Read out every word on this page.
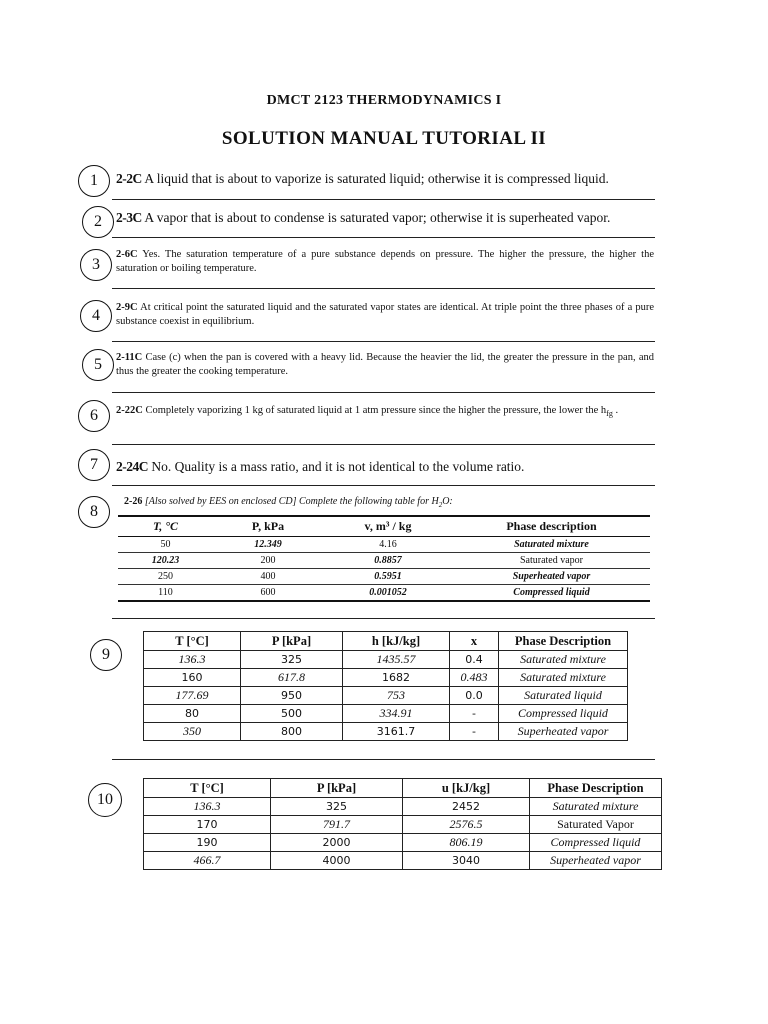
DMCT 2123 THERMODYNAMICS I
SOLUTION MANUAL TUTORIAL II
1	2-2C A liquid that is about to vaporize is saturated liquid; otherwise it is compressed liquid.
2	2-3C A vapor that is about to condense is saturated vapor; otherwise it is superheated vapor.
3
2-6C Yes. The saturation temperature of a pure substance depends on pressure. The higher the pressure, the higher the saturation or boiling temperature.
4	2-9C At critical point the saturated liquid and the saturated vapor states are identical. At triple point the three phases of a pure substance coexist in equilibrium.
5	2-11C Case (c) when the pan is covered with a heavy lid. Because the heavier the lid, the greater the pressure in the pan, and thus the greater the cooking temperature.
6	2-22C Completely vaporizing 1 kg of saturated liquid at 1 atm pressure since the higher the pressure, the lower the $h_{fg}$ .
7	2-24C No. Quality is a mass ratio, and it is not identical to the volume ratio.
8
2-26 [Also solved by EES on enclosed CD] Complete the following table for $H_2O$:
T, °C	P, kPa	v, m³ / kg	Phase description
50	12.349	4.16	Saturated mixture
120.23	200	0.8857	Saturated vapor
250	400	0.5951	Superheated vapor
110	600	0.001052	Compressed liquid
9
T [°C]	P [kPa]	h [kJ/kg]	x	Phase Description
136.3	325	1435.57	0.4	Saturated mixture
160	617.8	1682	0.483	Saturated mixture
177.69	950	753	0.0	Saturated liquid
80	500	334.91	-	Compressed liquid
350	800	3161.7	-	Superheated vapor
10
T [°C]	P [kPa]	u [kJ/kg]	Phase Description
136.3	325	2452	Saturated mixture
170	791.7	2576.5	Saturated Vapor
190	2000	806.19	Compressed liquid
466.7	4000	3040	Superheated vapor
